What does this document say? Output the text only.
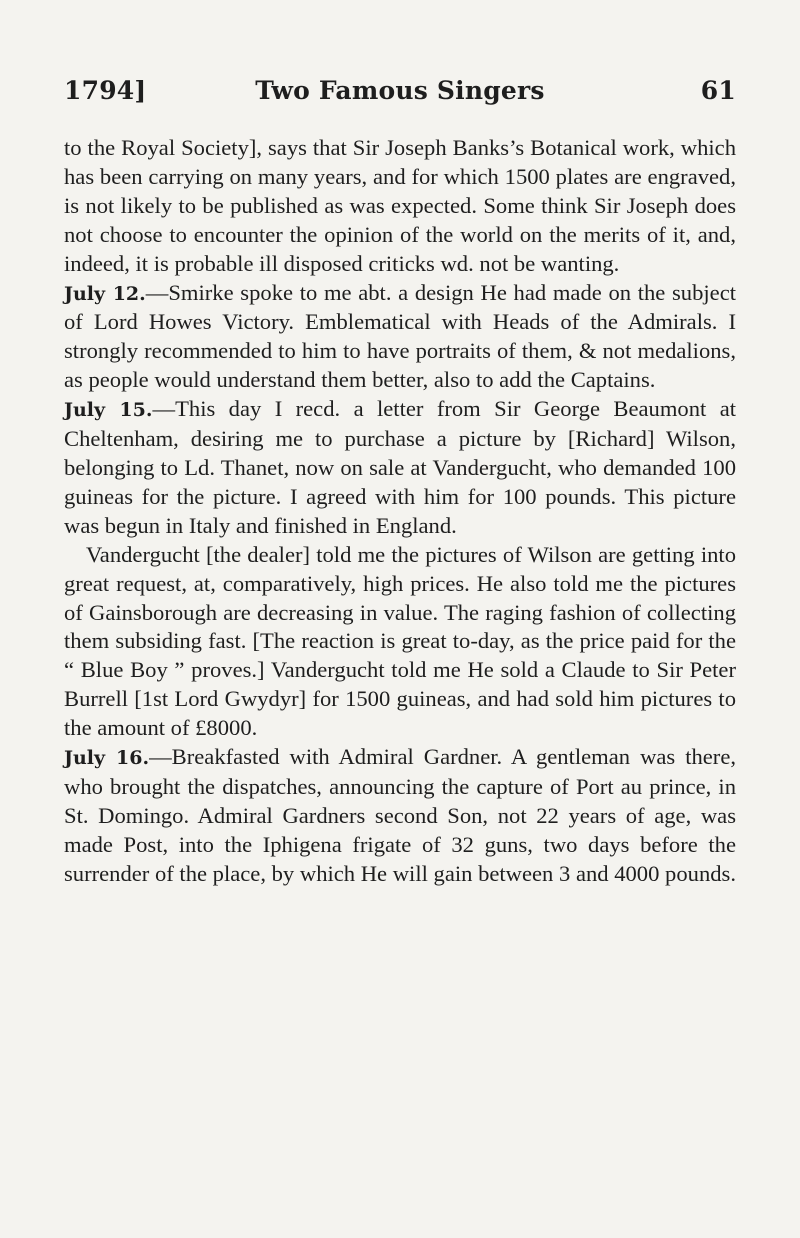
1794]	Two Famous Singers	61

to the Royal Society], says that Sir Joseph Banks’s Botanical work, which has been carrying on many years, and for which 1500 plates are engraved, is not likely to be published as was expected. Some think Sir Joseph does not choose to encounter the opinion of the world on the merits of it, and, indeed, it is probable ill disposed criticks wd. not be wanting.

July 12.—Smirke spoke to me abt. a design He had made on the subject of Lord Howes Victory. Emblematical with Heads of the Admirals. I strongly recommended to him to have portraits of them, & not medalions, as people would understand them better, also to add the Captains.

July 15.—This day I recd. a letter from Sir George Beaumont at Cheltenham, desiring me to purchase a picture by [Richard] Wilson, belonging to Ld. Thanet, now on sale at Vandergucht, who demanded 100 guineas for the picture. I agreed with him for 100 pounds. This picture was begun in Italy and finished in England.

Vandergucht [the dealer] told me the pictures of Wilson are getting into great request, at, comparatively, high prices. He also told me the pictures of Gainsborough are decreasing in value. The raging fashion of collecting them subsiding fast. [The reaction is great to-day, as the price paid for the “ Blue Boy ” proves.] Vandergucht told me He sold a Claude to Sir Peter Burrell [1st Lord Gwydyr] for 1500 guineas, and had sold him pictures to the amount of £8000.

July 16.—Breakfasted with Admiral Gardner. A gentleman was there, who brought the dispatches, announcing the capture of Port au prince, in St. Domingo. Admiral Gardners second Son, not 22 years of age, was made Post, into the Iphigena frigate of 32 guns, two days before the surrender of the place, by which He will gain between 3 and 4000 pounds.
